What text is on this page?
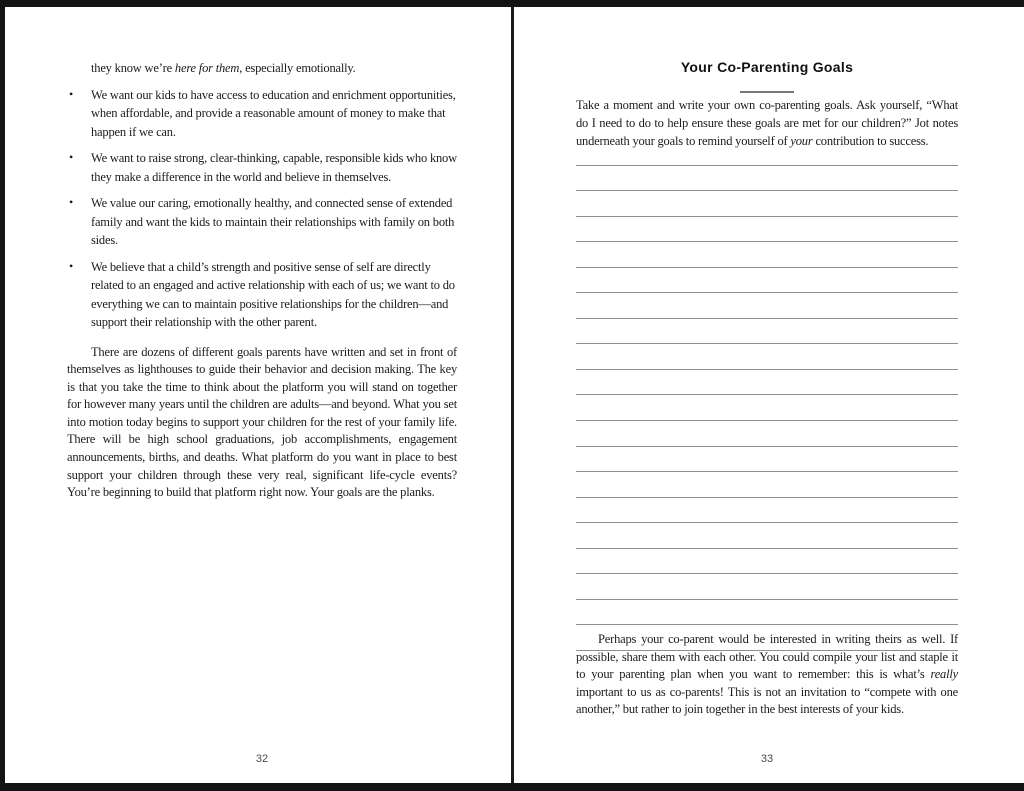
they know we’re here for them, especially emotionally.

• We want our kids to have access to education and enrichment opportunities, when affordable, and provide a reasonable amount of money to make that happen if we can.
• We want to raise strong, clear-thinking, capable, responsible kids who know they make a difference in the world and believe in themselves.
• We value our caring, emotionally healthy, and connected sense of extended family and want the kids to maintain their relationships with family on both sides.
• We believe that a child’s strength and positive sense of self are directly related to an engaged and active relationship with each of us; we want to do everything we can to maintain positive relationships for the children—and support their relationship with the other parent.

There are dozens of different goals parents have written and set in front of themselves as lighthouses to guide their behavior and decision making. The key is that you take the time to think about the platform you will stand on together for however many years until the children are adults—and beyond. What you set into motion today begins to support your children for the rest of your family life. There will be high school graduations, job accomplishments, engagement announcements, births, and deaths. What platform do you want in place to best support your children through these very real, significant life-cycle events? You’re beginning to build that platform right now. Your goals are the planks.

32
Your Co-Parenting Goals

Take a moment and write your own co-parenting goals. Ask yourself, “What do I need to do to help ensure these goals are met for our children?” Jot notes underneath your goals to remind yourself of your contribution to success.

Perhaps your co-parent would be interested in writing theirs as well. If possible, share them with each other. You could compile your list and staple it to your parenting plan when you want to remember: this is what’s really important to us as co-parents! This is not an invitation to “compete with one another,” but rather to join together in the best interests of your kids.

33
